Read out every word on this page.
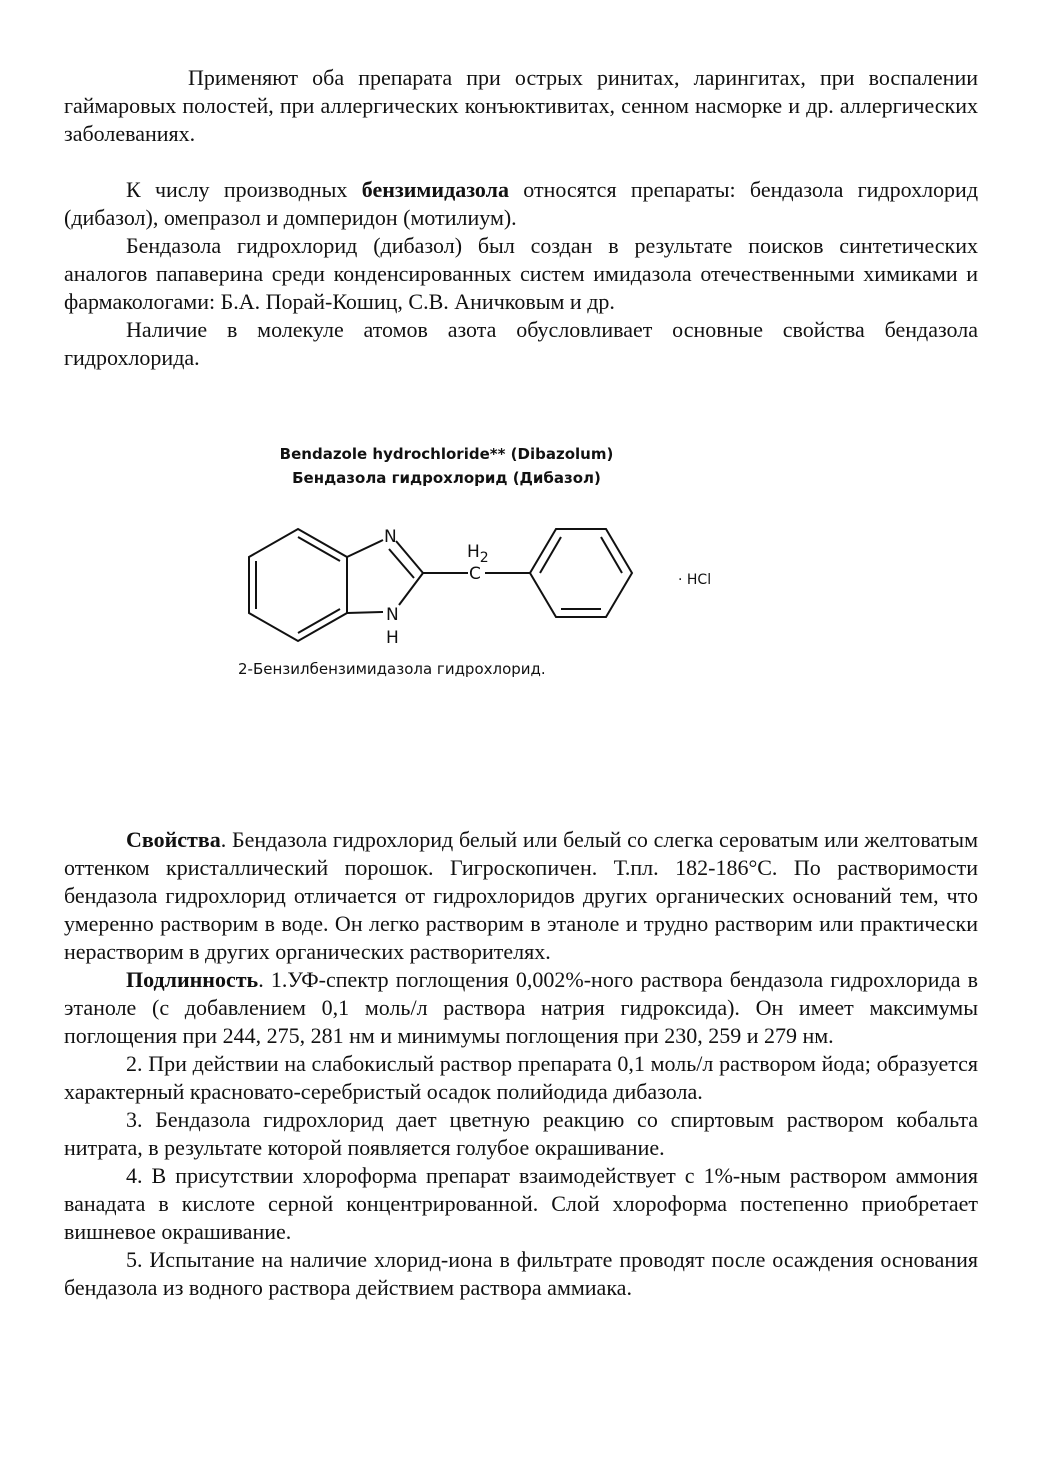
Применяют оба препарата при острых ринитах, ларингитах, при воспалении гаймаровых полостей, при аллергических конъюктивитах, сенном насморке и др. аллергических заболеваниях.

К числу производных бензимидазола относятся препараты: бендазола гидрохлорид (дибазол), омепразол и домперидон (мотилиум).

Бендазола гидрохлорид (дибазол) был создан в результате поисков синтетических аналогов папаверина среди конденсированных систем имидазола отечественными химиками и фармакологами: Б.А. Порай-Кошиц, С.В. Аничковым и др.

Наличие в молекуле атомов азота обусловливает основные свойства бендазола гидрохлорида.

Bendazole hydrochloride** (Dibazolum)
Бендазола гидрохлорид (Дибазол)
N
N
H
$H_2$
C	· HCl
2-Бензилбензимидазола гидрохлорид.

Свойства. Бендазола гидрохлорид белый или белый со слегка сероватым или желтоватым оттенком кристаллический порошок. Гигроскопичен. Т.пл. 182-186°С. По растворимости бендазола гидрохлорид отличается от гидрохлоридов других органических оснований тем, что умеренно растворим в воде. Он легко растворим в этаноле и трудно растворим или практически нерастворим в других органических растворителях.

Подлинность. 1.УФ-спектр поглощения 0,002%-ного раствора бендазола гидрохлорида в этаноле (с добавлением 0,1 моль/л раствора натрия гидроксида). Он имеет максимумы поглощения при 244, 275, 281 нм и минимумы поглощения при 230, 259 и 279 нм.

2. При действии на слабокислый раствор препарата 0,1 моль/л раствором йода; образуется характерный красновато-серебристый осадок полийодида дибазола.

3. Бендазола гидрохлорид дает цветную реакцию со спиртовым раствором кобальта нитрата, в результате которой появляется голубое окрашивание.

4. В присутствии хлороформа препарат взаимодействует с 1%-ным раствором аммония ванадата в кислоте серной концентрированной. Слой хлороформа постепенно приобретает вишневое окрашивание.

5. Испытание на наличие хлорид-иона в фильтрате проводят после осаждения основания бендазола из водного раствора действием раствора аммиака.
